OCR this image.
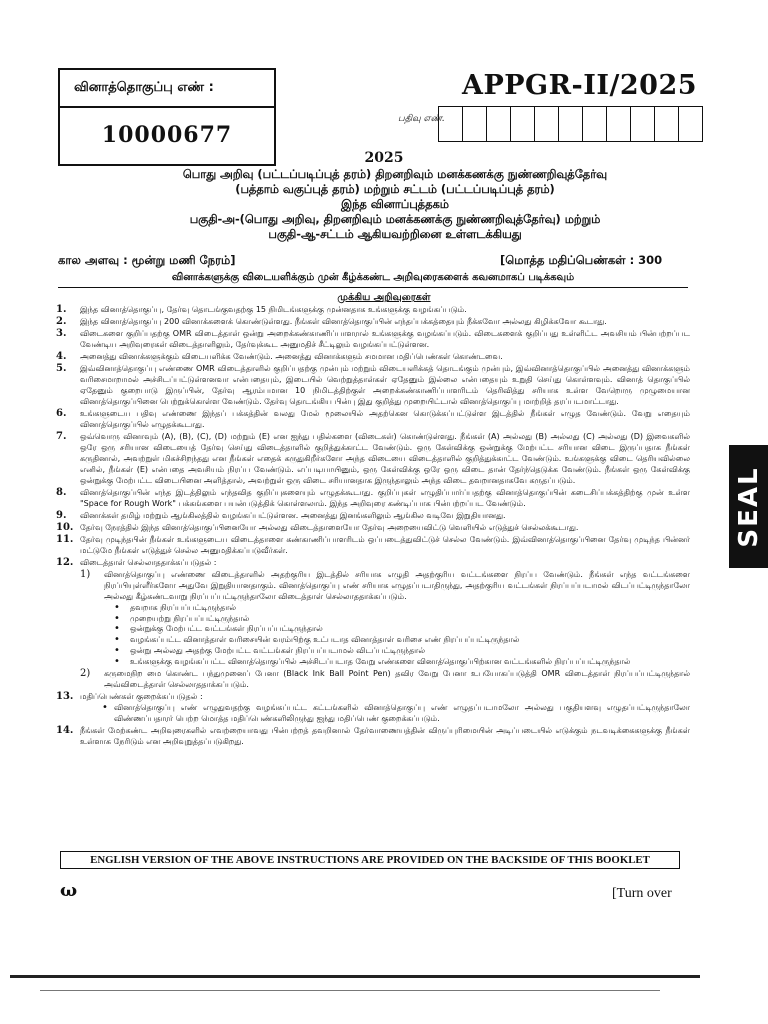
வினாத்தொகுப்பு எண் :
10000677
APPGR-II/2025
பதிவு எண்.
2025
பொது அறிவு (பட்டப்படிப்புத் தரம்) திறனறிவும் மனக்கணக்கு நுண்ணறிவுத்தேர்வு
(பத்தாம் வகுப்புத் தரம்) மற்றும் சட்டம் (பட்டப்படிப்புத் தரம்)
இந்த வினாப்புத்தகம்
பகுதி-அ-(பொது அறிவு, திறனறிவும் மனக்கணக்கு நுண்ணறிவுத்தேர்வு) மற்றும்
பகுதி-ஆ-சட்டம் ஆகியவற்றினை உள்ளடக்கியது
கால அளவு : மூன்று மணி நேரம்]	[மொத்த மதிப்பெண்கள் : 300
வினாக்களுக்கு விடையளிக்கும் முன் கீழ்க்கண்ட அறிவுரைகளைக் கவனமாகப் படிக்கவும்
முக்கிய அறிவுரைகள்
1.	இந்த வினாத்தொகுப்பு, தேர்வு தொடங்குவதற்கு 15 நிமிடங்களுக்கு முன்னதாக உங்களுக்கு வழங்கப்படும்.
2.	இந்த வினாத்தொகுப்பு 200 வினாக்களைக் கொண்டுள்ளது. நீங்கள் வினாத்தொகுப்பின் எந்தப்பக்கத்தையும் நீக்கவோ அல்லது கிழிக்கவோ கூடாது.
3.	விடைகளை குறிப்பதற்கு OMR விடைத்தாள் ஒன்று அறைக்கண்காணிப்பாளரால் உங்களுக்கு வழங்கப்படும். விடைகளைக் குறிப்பது உள்ளிட்ட அவசியம் பின்பற்றப்பட வேண்டிய அறிவுரைகள் விடைத்தாளிலும், தேர்வுக்கூட அனுமதிச் சீட்டிலும் வழங்கப்பட்டுள்ளன.
4.	அனைத்து வினாக்களுக்கும் விடையளிக்க வேண்டும். அனைத்து வினாக்களும் சமமான மதிப்பெண்கள் கொண்டவை.
5.	இவ்வினாத்தொகுப்பு எண்ணை OMR விடைத்தாளில் குறிப்பதற்கு முன்பும் மற்றும் விடையளிக்கத் தொடங்கும் முன்பும், இவ்வினாத்தொகுப்பில் அனைத்து வினாக்களும் வரிசைமாறாமல் அச்சிடப்பட்டுள்ளனவா என்பதையும், இடையில் வெற்றுத்தாள்கள் ஏதேனும் இல்லை என்பதையும் உறுதி செய்து கொள்ளவும். வினாத் தொகுப்பில் ஏதேனும் குறைபாடு இருப்பின், தேர்வு ஆரம்பமான 10 நிமிடத்திற்குள் அறைக்கண்காணிப்பாளரிடம் தெரிவித்து சரியாக உள்ள வேறொரு முழுமையான வினாத்தொகுப்பினை பெற்றுக்கொள்ள வேண்டும். தேர்வு தொடங்கிய பின்பு இது குறித்து முறையிட்டால் வினாத்தொகுப்பு மாற்றித் தரப்படமாட்டாது.
6.	உங்களுடைய பதிவு எண்ணை இந்தப் பக்கத்தின் வலது மேல் மூலையில் அதற்கென கொடுக்கப்பட்டுள்ள இடத்தில் நீங்கள் எழுத வேண்டும். வேறு எதையும் வினாத்தொகுப்பில் எழுதக்கூடாது.
7.	ஒவ்வொரு வினாவும் (A), (B), (C), (D) மற்றும் (E) என ஐந்து பதில்களை (விடைகள்) கொண்டுள்ளது. நீங்கள் (A) அல்லது (B) அல்லது (C) அல்லது (D) இவைகளில் ஒரே ஒரு சரியான விடையைத் தேர்வு செய்து விடைத்தாளில் குறித்துக்காட்ட வேண்டும். ஒரு கேள்விக்கு ஒன்றுக்கு மேற்பட்ட சரியான விடை இருப்பதாக நீங்கள் கருதினால், அவற்றுள் மிகச்சிறந்தது என நீங்கள் எதைக் கருதுகிறீர்களோ அந்த விடையை விடைத்தாளில் குறித்துக்காட்ட வேண்டும். உங்களுக்கு விடை தெரியவில்லை எனில், நீங்கள் (E) என்பதை அவசியம் நிரப்ப வேண்டும். எப்படியாயினும், ஒரு கேள்விக்கு ஒரே ஒரு விடை தான் தேர்ந்தெடுக்க வேண்டும். நீங்கள் ஒரு கேள்விக்கு ஒன்றுக்கு மேற்பட்ட விடையினை அளித்தால், அவற்றுள் ஒரு விடை சரியானதாக இருந்தாலும் அந்த விடை தவறானதாகவே கருதப்படும்.
8.	வினாத்தொகுப்பின் எந்த இடத்திலும் எந்தவித குறிப்புகளையும் எழுதக்கூடாது. குறிப்புகள் எழுதிப்பார்ப்பதற்கு வினாத்தொகுப்பின் கடைசிப்பக்கத்திற்கு முன் உள்ள "Space for Rough Work" பக்கங்களை பயன்படுத்திக் கொள்ளலாம். இந்த அறிவுரை கண்டிப்பாக பின்பற்றப்பட வேண்டும்.
9.	வினாக்கள் தமிழ் மற்றும் ஆங்கிலத்தில் வழங்கப்பட்டுள்ளன. அனைத்து இனங்களிலும் ஆங்கில வடிவே இறுதியானது.
10. தேர்வு நேரத்தில் இந்த வினாத்தொகுப்பினையோ அல்லது விடைத்தாளையோ தேர்வு அறையைவிட்டு வெளியில் எடுத்துச் செல்லக்கூடாது.
11. தேர்வு முடிந்தபின் நீங்கள் உங்களுடைய விடைத்தாளை கண்காணிப்பாளரிடம் ஒப்படைத்துவிட்டுச் செல்ல வேண்டும். இவ்வினாத்தொகுப்பினை தேர்வு முடிந்த பின்னர் மட்டுமே நீங்கள் எடுத்துச் செல்ல அனுமதிக்கப்படுவீர்கள்.
12. விடைத்தாள் செல்லாததாக்கப்படுதல் :
1)	வினாத்தொகுப்பு எண்ணை விடைத்தாளில் அதற்குரிய இடத்தில் சரியாக எழுதி அதற்குரிய வட்டங்களை நிரப்ப வேண்டும். நீங்கள் எந்த வட்டங்களை நிரப்பியுள்ளீர்களோ அதுவே இறுதியானதாகும். வினாத்தொகுப்பு எண் சரியாக எழுதப்படாதிருந்து, அதற்குரிய வட்டங்கள் நிரப்பப்படாமல் விடப்பட்டிருந்தாலோ அல்லது கீழ்கண்டவாறு நிரப்பப்பட்டிருந்தாலோ விடைத்தாள் செல்லாததாக்கப்படும்.
• தவறாக நிரப்பப்பட்டிருந்தால்
• முறையற்று நிரப்பப்பட்டிருந்தால்
• ஒன்றுக்கு மேற்பட்ட வட்டங்கள் நிரப்பப்பட்டிருந்தால்
• வழங்கப்பட்ட வினாத்தாள் வரிசையின் வரம்பிற்கு உட்படாத வினாத்தாள் வரிசை எண் நிரப்பப்பட்டிருந்தால்
• ஒன்று அல்லது அதற்கு மேற்பட்ட வட்டங்கள் நிரப்பப்படாமல் விடப்பட்டிருந்தால்
• உங்களுக்கு வழங்கப்பட்ட வினாத்தொகுப்பில் அச்சிடப்படாத வேறு எண்களை வினாத்தொகுப்பிற்கான வட்டங்களில் நிரப்பப்பட்டிருந்தால்
2)	கருமைநிற மை கொண்ட பந்துமுனைப் பேனா (Black Ink Ball Point Pen) தவிர வேறு பேனா உபயோகப்படுத்தி OMR விடைத்தாள் நிரப்பப்பட்டிருந்தால் அவ்விடைத்தாள் செல்லாததாக்கப்படும்.
13. மதிப்பெண்கள் குறைக்கப்படுதல் :
• வினாத்தொகுப்பு எண் எழுதுவதற்கு வழங்கப்பட்ட கட்டங்களில் வினாத்தொகுப்பு எண் எழுதப்படாமலோ அல்லது பகுதியளவு எழுதப்பட்டிருந்தாலோ விண்ணப்பதாரர் பெற்ற மொத்த மதிப்பெண்களிலிருந்து ஐந்து மதிப்பெண் குறைக்கப்படும்.
14. நீங்கள் மேற்கண்ட அறிவுரைகளில் எவற்றையாவது பின்பற்றத் தவறினால் தேர்வாணையத்தின் விருப்புரிமையின் அடிப்படையில் எடுக்கும் நடவடிக்கைகளுக்கு நீங்கள் உள்ளாக நேரிடும் என அறிவுறுத்தப்படுகிறது.
ENGLISH VERSION OF THE ABOVE INSTRUCTIONS ARE PROVIDED ON THE BACKSIDE OF THIS BOOKLET
ω	[Turn over
SEAL
